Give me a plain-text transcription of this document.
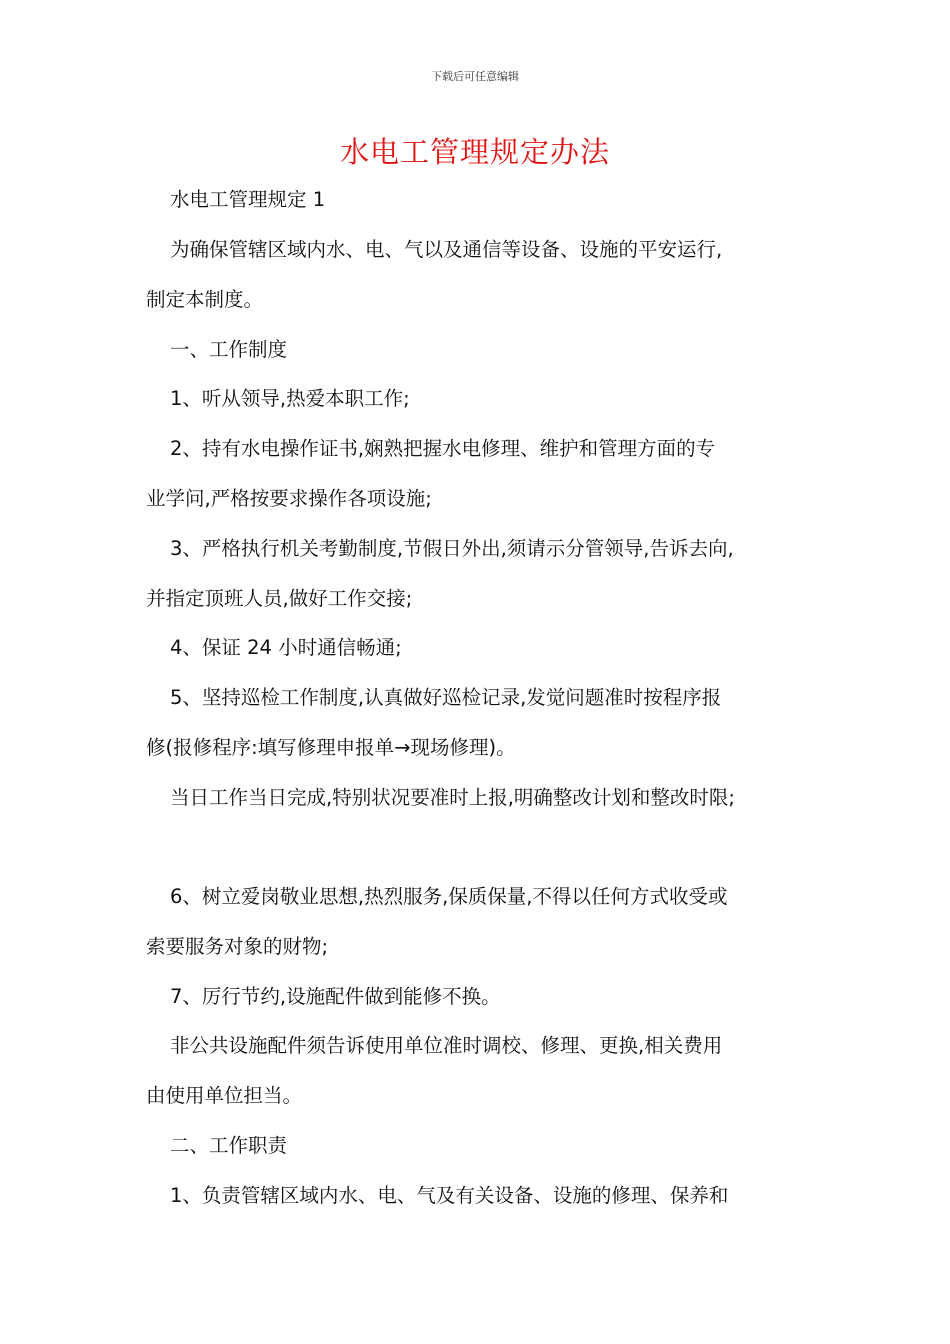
下载后可任意编辑
水电工管理规定办法
水电工管理规定 1
为确保管辖区域内水、电、气以及通信等设备、设施的平安运行,
制定本制度。
一、工作制度
1、听从领导,热爱本职工作;
2、持有水电操作证书,娴熟把握水电修理、维护和管理方面的专
业学问,严格按要求操作各项设施;
3、严格执行机关考勤制度,节假日外出,须请示分管领导,告诉去向,
并指定顶班人员,做好工作交接;
4、保证 24 小时通信畅通;
5、坚持巡检工作制度,认真做好巡检记录,发觉问题准时按程序报
修(报修程序:填写修理申报单→现场修理)。
当日工作当日完成,特别状况要准时上报,明确整改计划和整改时限;
6、树立爱岗敬业思想,热烈服务,保质保量,不得以任何方式收受或
索要服务对象的财物;
7、厉行节约,设施配件做到能修不换。
非公共设施配件须告诉使用单位准时调校、修理、更换,相关费用
由使用单位担当。
二、工作职责
1、负责管辖区域内水、电、气及有关设备、设施的修理、保养和
